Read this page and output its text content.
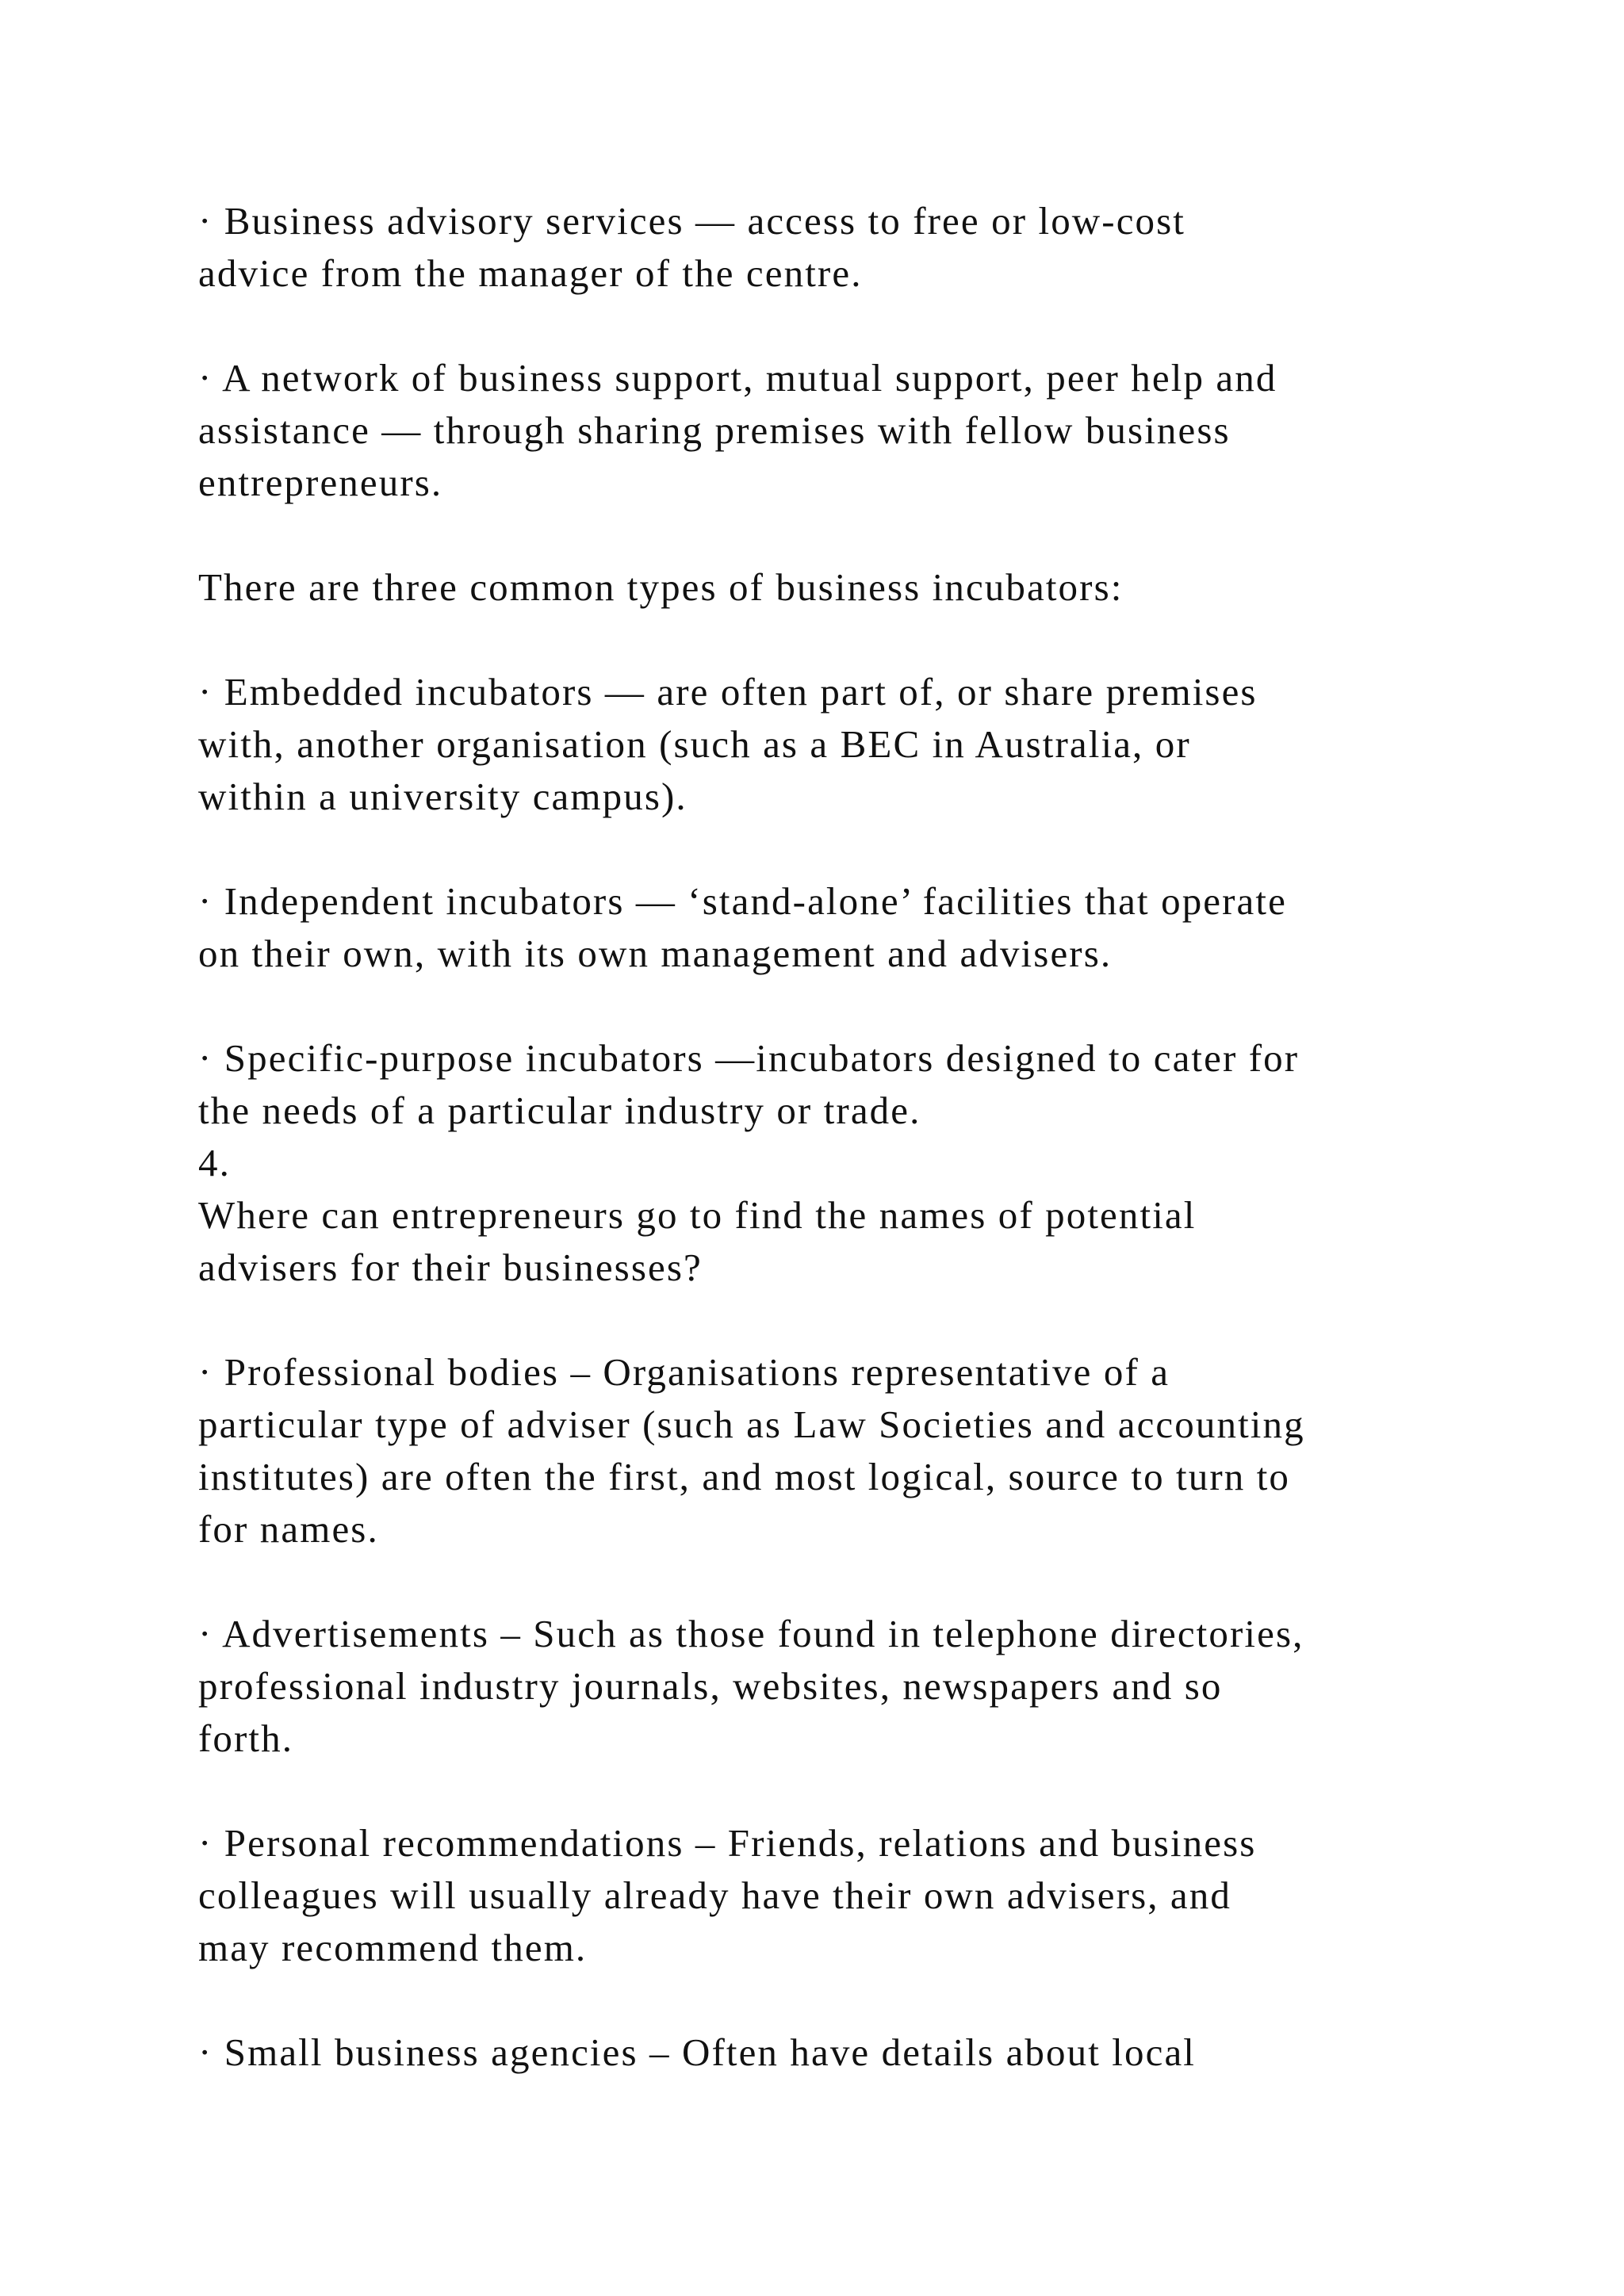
· Business advisory services — access to free or low-cost
advice from the manager of the centre.
· A network of business support, mutual support, peer help and
assistance — through sharing premises with fellow business
entrepreneurs.
There are three common types of business incubators:
· Embedded incubators — are often part of, or share premises
with, another organisation (such as a BEC in Australia, or
within a university campus).
· Independent incubators — ‘stand-alone’ facilities that operate
on their own, with its own management and advisers.
· Specific-purpose incubators —incubators designed to cater for
the needs of a particular industry or trade.
4.
Where can entrepreneurs go to find the names of potential
advisers for their businesses?
· Professional bodies – Organisations representative of a
particular type of adviser (such as Law Societies and accounting
institutes) are often the first, and most logical, source to turn to
for names.
· Advertisements – Such as those found in telephone directories,
professional industry journals, websites, newspapers and so
forth.
· Personal recommendations – Friends, relations and business
colleagues will usually already have their own advisers, and
may recommend them.
· Small business agencies – Often have details about local
